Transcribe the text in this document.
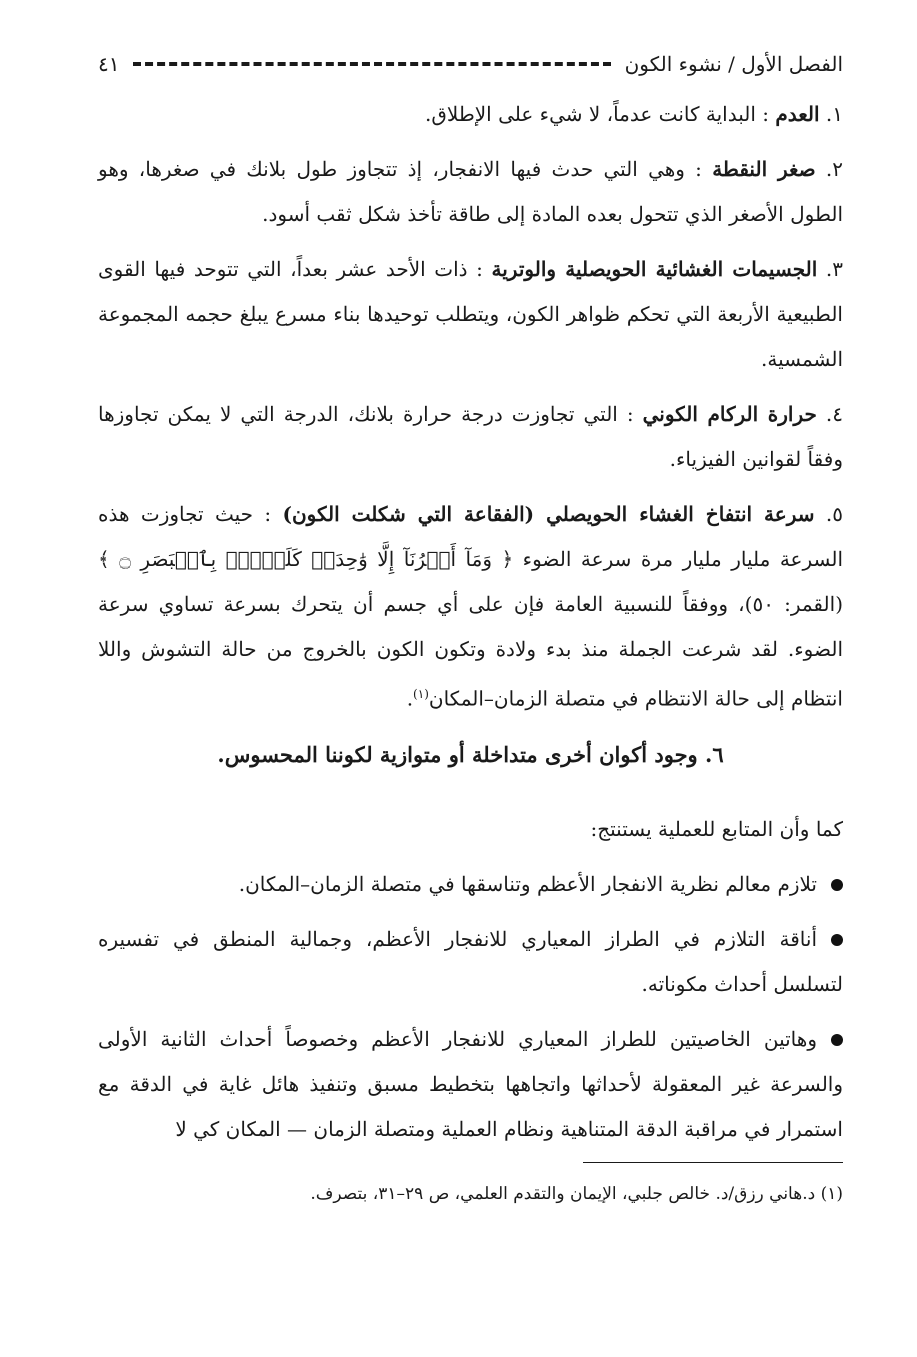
الفصل الأول / نشوء الكون
٤١

١. العدم : البداية كانت عدماً، لا شيء على الإطلاق.

٢. صغر النقطة : وهي التي حدث فيها الانفجار، إذ تتجاوز طول بلانك في صغرها، وهو الطول الأصغر الذي تتحول بعده المادة إلى طاقة تأخذ شكل ثقب أسود.

٣. الجسيمات الغشائية الحويصلية والوترية : ذات الأحد عشر بعداً، التي تتوحد فيها القوى الطبيعية الأربعة التي تحكم ظواهر الكون، ويتطلب توحيدها بناء مسرع يبلغ حجمه المجموعة الشمسية.

٤. حرارة الركام الكوني : التي تجاوزت درجة حرارة بلانك، الدرجة التي لا يمكن تجاوزها وفقاً لقوانين الفيزياء.

٥. سرعة انتفاخ الغشاء الحويصلي (الفقاعة التي شكلت الكون) : حيث تجاوزت هذه السرعة مليار مليار مرة سرعة الضوء ﴿ وَمَآ أَمۡرُنَآ إِلَّا وَٰحِدَةٞ كَلَمۡحِۭ بِٱلۡبَصَرِ ۝ ﴾ (القمر: ٥٠)، ووفقاً للنسبية العامة فإن على أي جسم أن يتحرك بسرعة تساوي سرعة الضوء. لقد شرعت الجملة منذ بدء ولادة وتكون الكون بالخروج من حالة التشوش واللا انتظام إلى حالة الانتظام في متصلة الزمان–المكان$^{(١)}$.

٦. وجود أكوان أخرى متداخلة أو متوازية لكوننا المحسوس.

كما وأن المتابع للعملية يستنتج:

تلازم معالم نظرية الانفجار الأعظم وتناسقها في متصلة الزمان–المكان.

أناقة التلازم في الطراز المعياري للانفجار الأعظم، وجمالية المنطق في تفسيره لتسلسل أحداث مكوناته.

وهاتين الخاصيتين للطراز المعياري للانفجار الأعظم وخصوصاً أحداث الثانية الأولى والسرعة غير المعقولة لأحداثها واتجاهها بتخطيط مسبق وتنفيذ هائل غاية في الدقة مع استمرار في مراقبة الدقة المتناهية ونظام العملية ومتصلة الزمان — المكان كي لا

(١) د.هاني رزق/د. خالص جلبي، الإيمان والتقدم العلمي، ص ٢٩–٣١، بتصرف.
